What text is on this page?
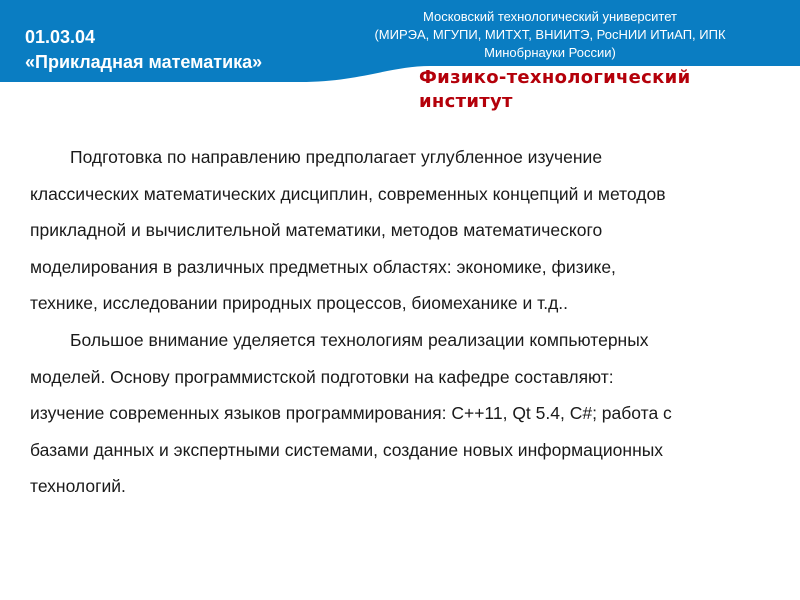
01.03.04
«Прикладная математика»
Московский технологический университет
(МИРЭА, МГУПИ, МИТХТ, ВНИИТЭ, РосНИИ ИТиАП, ИПК
Минобрнауки России)
Физико-технологический
институт

Подготовка по направлению предполагает углубленное изучение
классических математических дисциплин, современных концепций и методов
прикладной и вычислительной математики, методов математического
моделирования в различных предметных областях: экономике, физике,
технике, исследовании природных процессов, биомеханике и т.д..

Большое внимание уделяется технологиям реализации компьютерных
моделей. Основу программистской подготовки на кафедре составляют:
изучение современных языков программирования: С++11, Qt 5.4, C#; работа с
базами данных и экспертными системами, создание новых информационных
технологий.
